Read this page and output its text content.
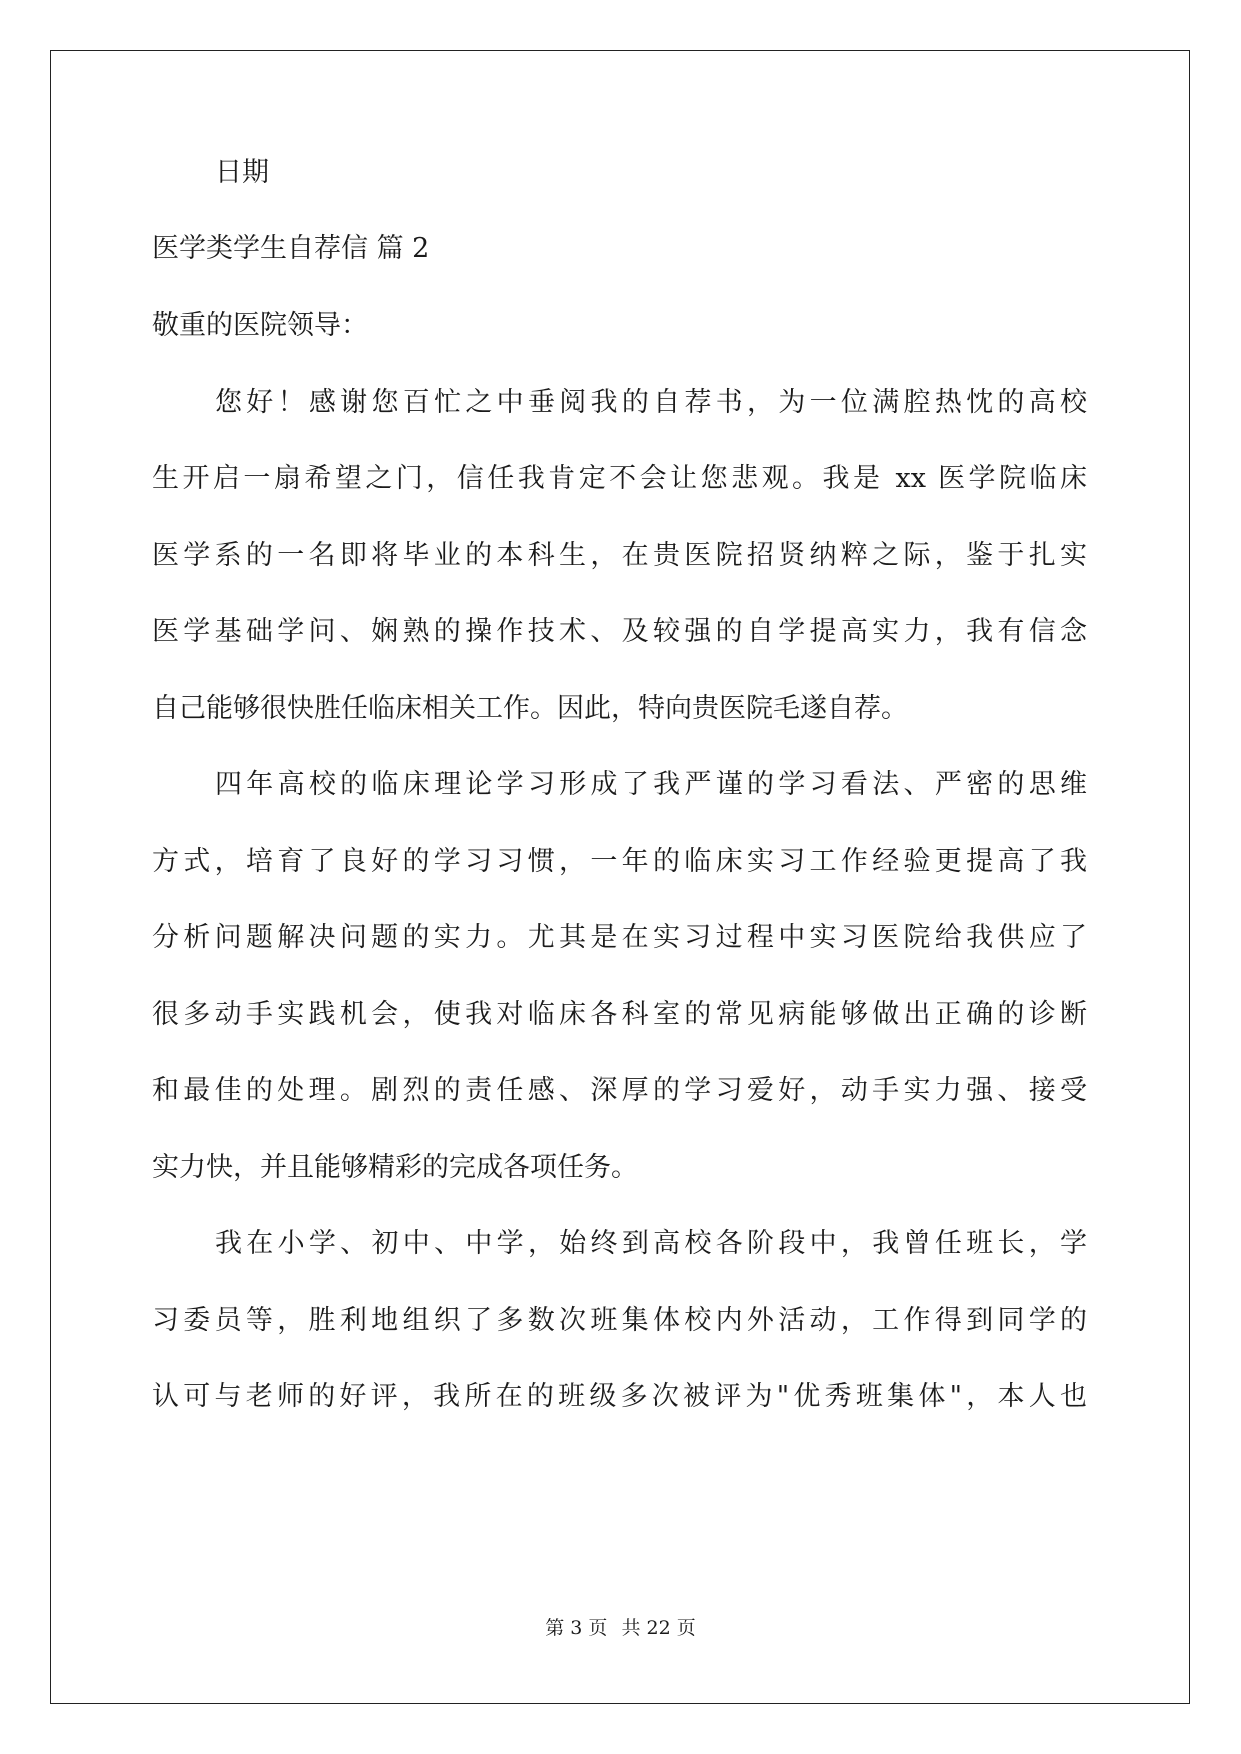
日期
医学类学生自荐信 篇 2
敬重的医院领导：
您好！感谢您百忙之中垂阅我的自荐书，为一位满腔热忱的高校
生开启一扇希望之门，信任我肯定不会让您悲观。我是 xx 医学院临床
医学系的一名即将毕业的本科生，在贵医院招贤纳粹之际，鉴于扎实
医学基础学问、娴熟的操作技术、及较强的自学提高实力，我有信念
自己能够很快胜任临床相关工作。因此，特向贵医院毛遂自荐。
四年高校的临床理论学习形成了我严谨的学习看法、严密的思维
方式，培育了良好的学习习惯，一年的临床实习工作经验更提高了我
分析问题解决问题的实力。尤其是在实习过程中实习医院给我供应了
很多动手实践机会，使我对临床各科室的常见病能够做出正确的诊断
和最佳的处理。剧烈的责任感、深厚的学习爱好，动手实力强、接受
实力快，并且能够精彩的完成各项任务。
我在小学、初中、中学，始终到高校各阶段中，我曾任班长，学
习委员等，胜利地组织了多数次班集体校内外活动，工作得到同学的
认可与老师的好评，我所在的班级多次被评为"优秀班集体"，本人也
第 3 页 共 22 页
